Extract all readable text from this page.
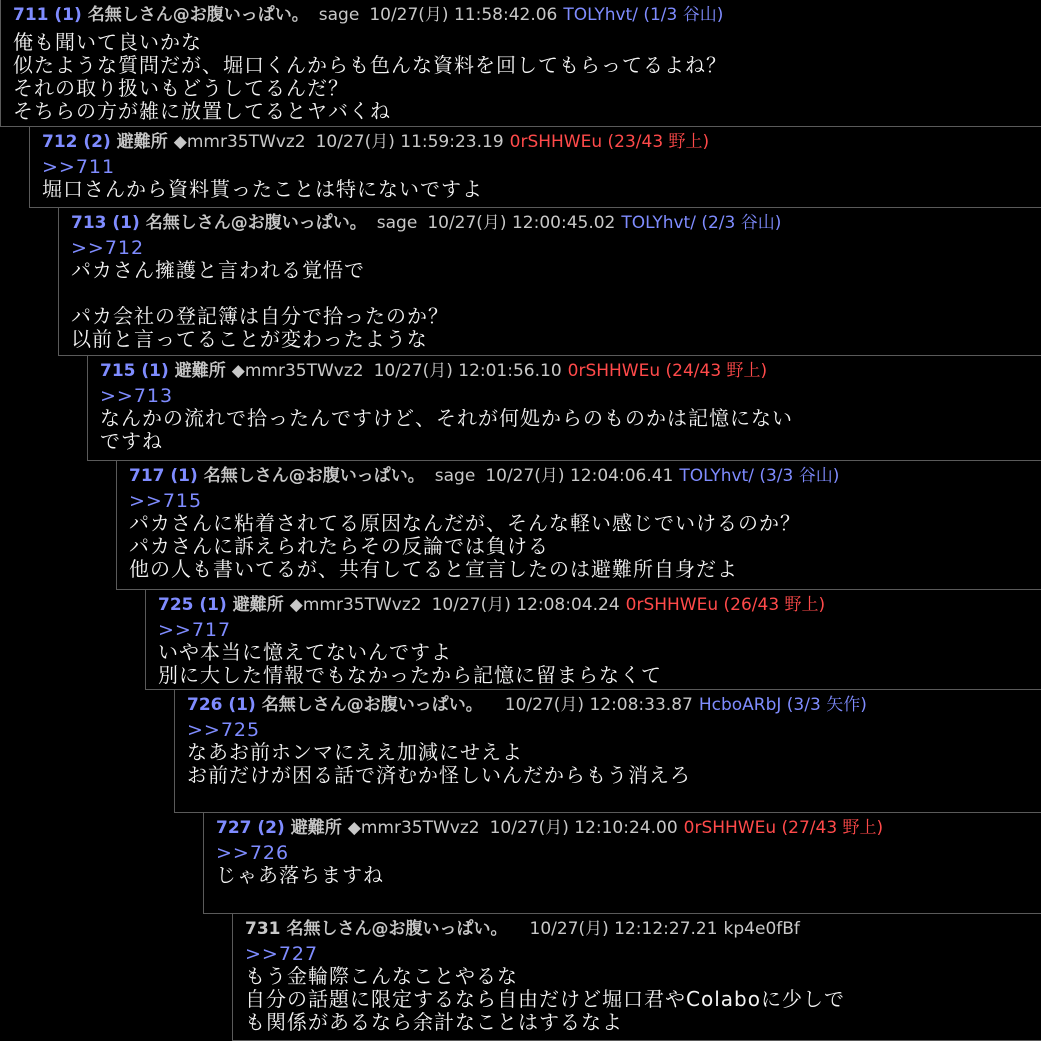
711 (1) 名無しさん@お腹いっぱい。 sage 10/27(月) 11:58:42.06 TOLYhvt/ (1/3 谷山)
俺も聞いて良いかな
似たような質問だが、堀口くんからも色んな資料を回してもらってるよね？
それの取り扱いもどうしてるんだ？
そちらの方が雑に放置してるとヤバくね
712 (2) 避難所 ◆mmr35TWvz2 10/27(月) 11:59:23.19 0rSHHWEu (23/43 野上)
>>711
堀口さんから資料貰ったことは特にないですよ
713 (1) 名無しさん@お腹いっぱい。 sage 10/27(月) 12:00:45.02 TOLYhvt/ (2/3 谷山)
>>712
パカさん擁護と言われる覚悟で
パカ会社の登記簿は自分で拾ったのか？
以前と言ってることが変わったような
715 (1) 避難所 ◆mmr35TWvz2 10/27(月) 12:01:56.10 0rSHHWEu (24/43 野上)
>>713
なんかの流れで拾ったんですけど、それが何処からのものかは記憶にない
ですね
717 (1) 名無しさん@お腹いっぱい。 sage 10/27(月) 12:04:06.41 TOLYhvt/ (3/3 谷山)
>>715
パカさんに粘着されてる原因なんだが、そんな軽い感じでいけるのか？
パカさんに訴えられたらその反論では負ける
他の人も書いてるが、共有してると宣言したのは避難所自身だよ
725 (1) 避難所 ◆mmr35TWvz2 10/27(月) 12:08:04.24 0rSHHWEu (26/43 野上)
>>717
いや本当に憶えてないんですよ
別に大した情報でもなかったから記憶に留まらなくて
726 (1) 名無しさん@お腹いっぱい。 10/27(月) 12:08:33.87 HcboARbJ (3/3 矢作)
>>725
なあお前ホンマにええ加減にせえよ
お前だけが困る話で済むか怪しいんだからもう消えろ
727 (2) 避難所 ◆mmr35TWvz2 10/27(月) 12:10:24.00 0rSHHWEu (27/43 野上)
>>726
じゃあ落ちますね
731 名無しさん@お腹いっぱい。 10/27(月) 12:12:27.21 kp4e0fBf
>>727
もう金輪際こんなことやるな
自分の話題に限定するなら自由だけど堀口君やColaboに少しで
も関係があるなら余計なことはするなよ
